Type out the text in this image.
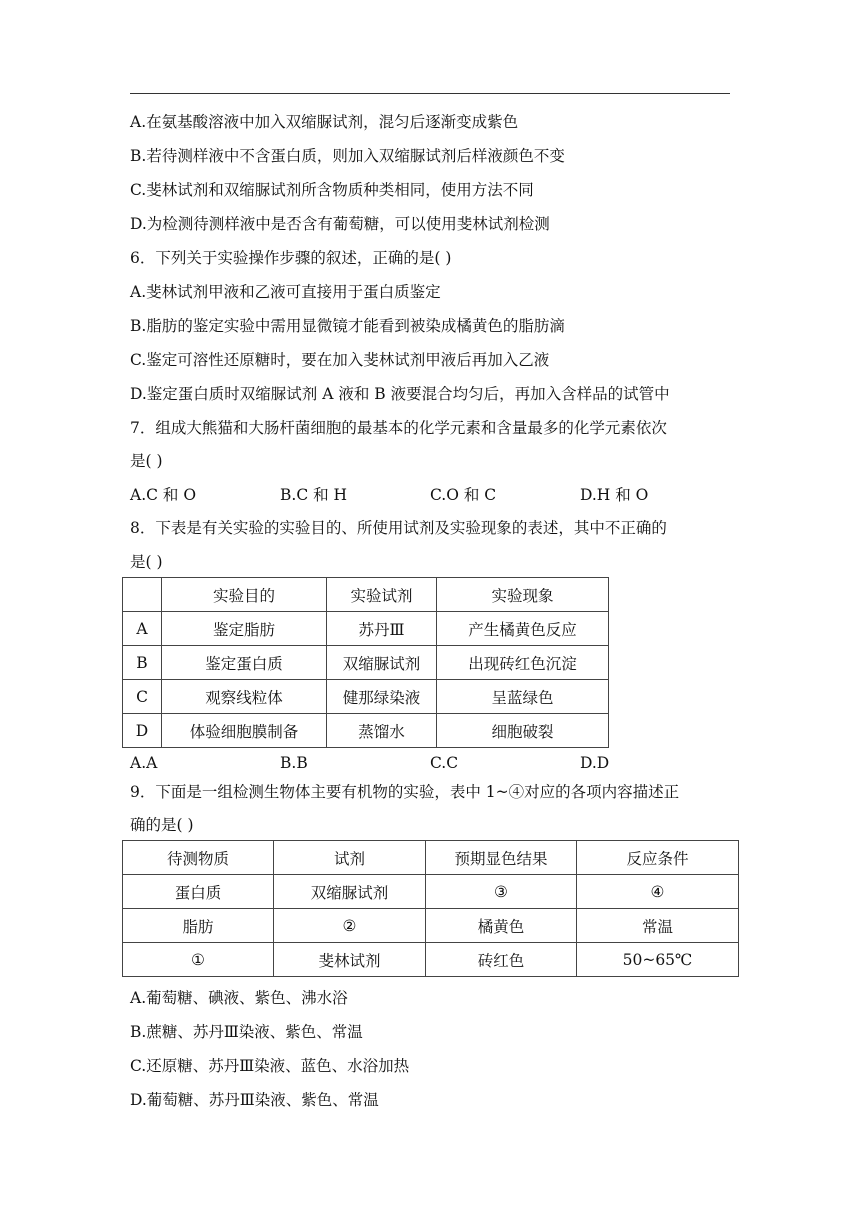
A.在氨基酸溶液中加入双缩脲试剂，混匀后逐渐变成紫色
B.若待测样液中不含蛋白质，则加入双缩脲试剂后样液颜色不变
C.斐林试剂和双缩脲试剂所含物质种类相同，使用方法不同
D.为检测待测样液中是否含有葡萄糖，可以使用斐林试剂检测
6．下列关于实验操作步骤的叙述，正确的是( )
A.斐林试剂甲液和乙液可直接用于蛋白质鉴定
B.脂肪的鉴定实验中需用显微镜才能看到被染成橘黄色的脂肪滴
C.鉴定可溶性还原糖时，要在加入斐林试剂甲液后再加入乙液
D.鉴定蛋白质时双缩脲试剂 A 液和 B 液要混合均匀后，再加入含样品的试管中
7．组成大熊猫和大肠杆菌细胞的最基本的化学元素和含量最多的化学元素依次
是( )
A.C 和 O	B.C 和 H	C.O 和 C	D.H 和 O
8．下表是有关实验的实验目的、所使用试剂及实验现象的表述，其中不正确的
是( )
	实验目的	实验试剂	实验现象
A	鉴定脂肪	苏丹Ⅲ	产生橘黄色反应
B	鉴定蛋白质	双缩脲试剂	出现砖红色沉淀
C	观察线粒体	健那绿染液	呈蓝绿色
D	体验细胞膜制备	蒸馏水	细胞破裂
A.A	B.B	C.C	D.D
9．下面是一组检测生物体主要有机物的实验，表中 1~④对应的各项内容描述正
确的是( )
待测物质	试剂	预期显色结果	反应条件
蛋白质	双缩脲试剂	③	④
脂肪	②	橘黄色	常温
①	斐林试剂	砖红色	50~65℃
A.葡萄糖、碘液、紫色、沸水浴
B.蔗糖、苏丹Ⅲ染液、紫色、常温
C.还原糖、苏丹Ⅲ染液、蓝色、水浴加热
D.葡萄糖、苏丹Ⅲ染液、紫色、常温
